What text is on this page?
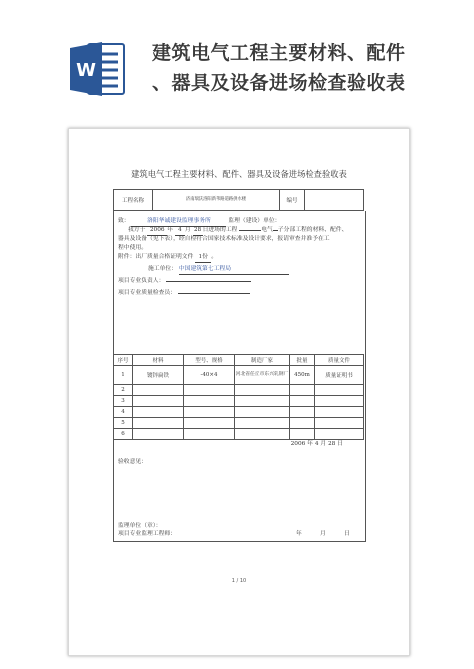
W
建筑电气工程主要材料、配件
、器具及设备进场检查验收表
建筑电气工程主要材料、配件、器具及设备进场检查验收表
工程名称	济南瑞沃洛阳新苇路道路供水楼	编号	
致：	洛阳华诚建设监理事务所	监理（建设）单位：
我方于 2006 年 4 月 28日进场的工程	电气 子分部工程的材料、配件、
器具及设备（见下表），经自检符合国家技术标准及设计要求，报请审查并准予在工
程中使用。
附件：出厂质量合格证明文件 1份 。
施工单位： 中国建筑第七工程局
项目专业负责人：
项目专业质量检查员：
序号	材料	型号、规格	制造厂家	批量	质量文件
1	镀锌扁铁	-40×4	河北省任丘市东兴轧钢厂	450m	质量证明书
2					
3					
4					
5					
6					
2006 年 4 月 28 日
验收意见：
监理单位（章）：
项目专业监理工程师：	年	月	日
1 / 10
